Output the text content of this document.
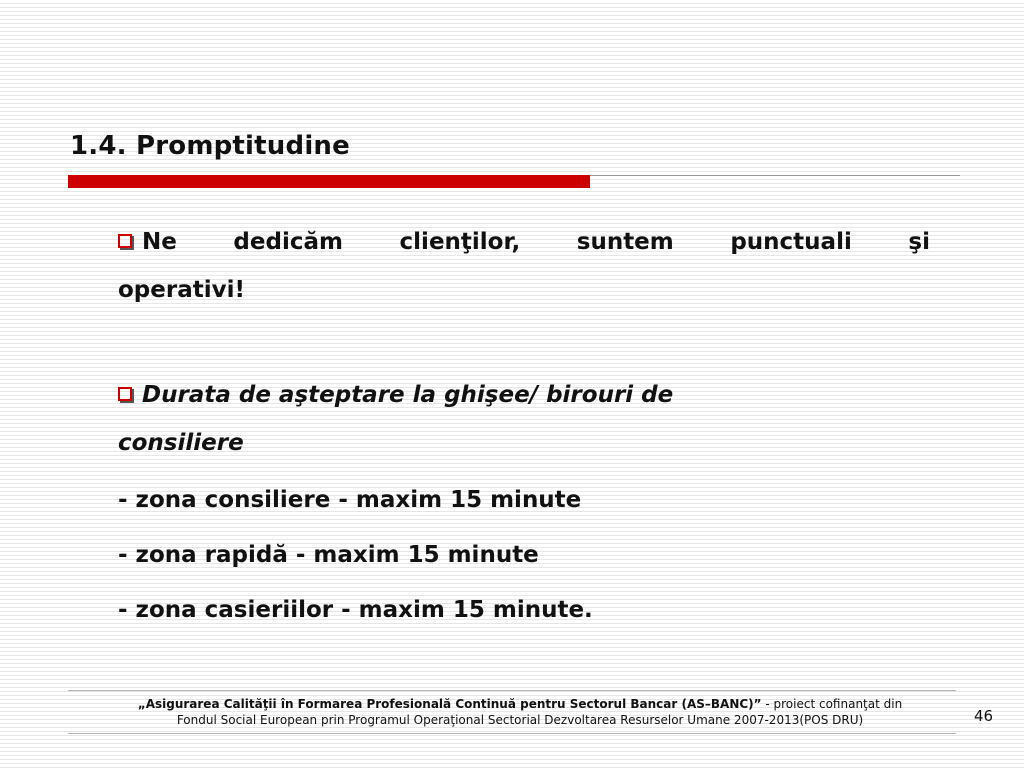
1.4. Promptitudine
Ne dedicăm clienţilor, suntem punctuali şi
operativi!
Durata de aşteptare la ghişee/ birouri de
consiliere
- zona consiliere - maxim 15 minute
- zona rapidă - maxim 15 minute
- zona casieriilor - maxim 15 minute.
„Asigurarea Calităţii în Formarea Profesională Continuă pentru Sectorul Bancar (AS–BANC)” - proiect cofinanţat din
Fondul Social European prin Programul Operaţional Sectorial Dezvoltarea Resurselor Umane 2007-2013(POS DRU)	46
